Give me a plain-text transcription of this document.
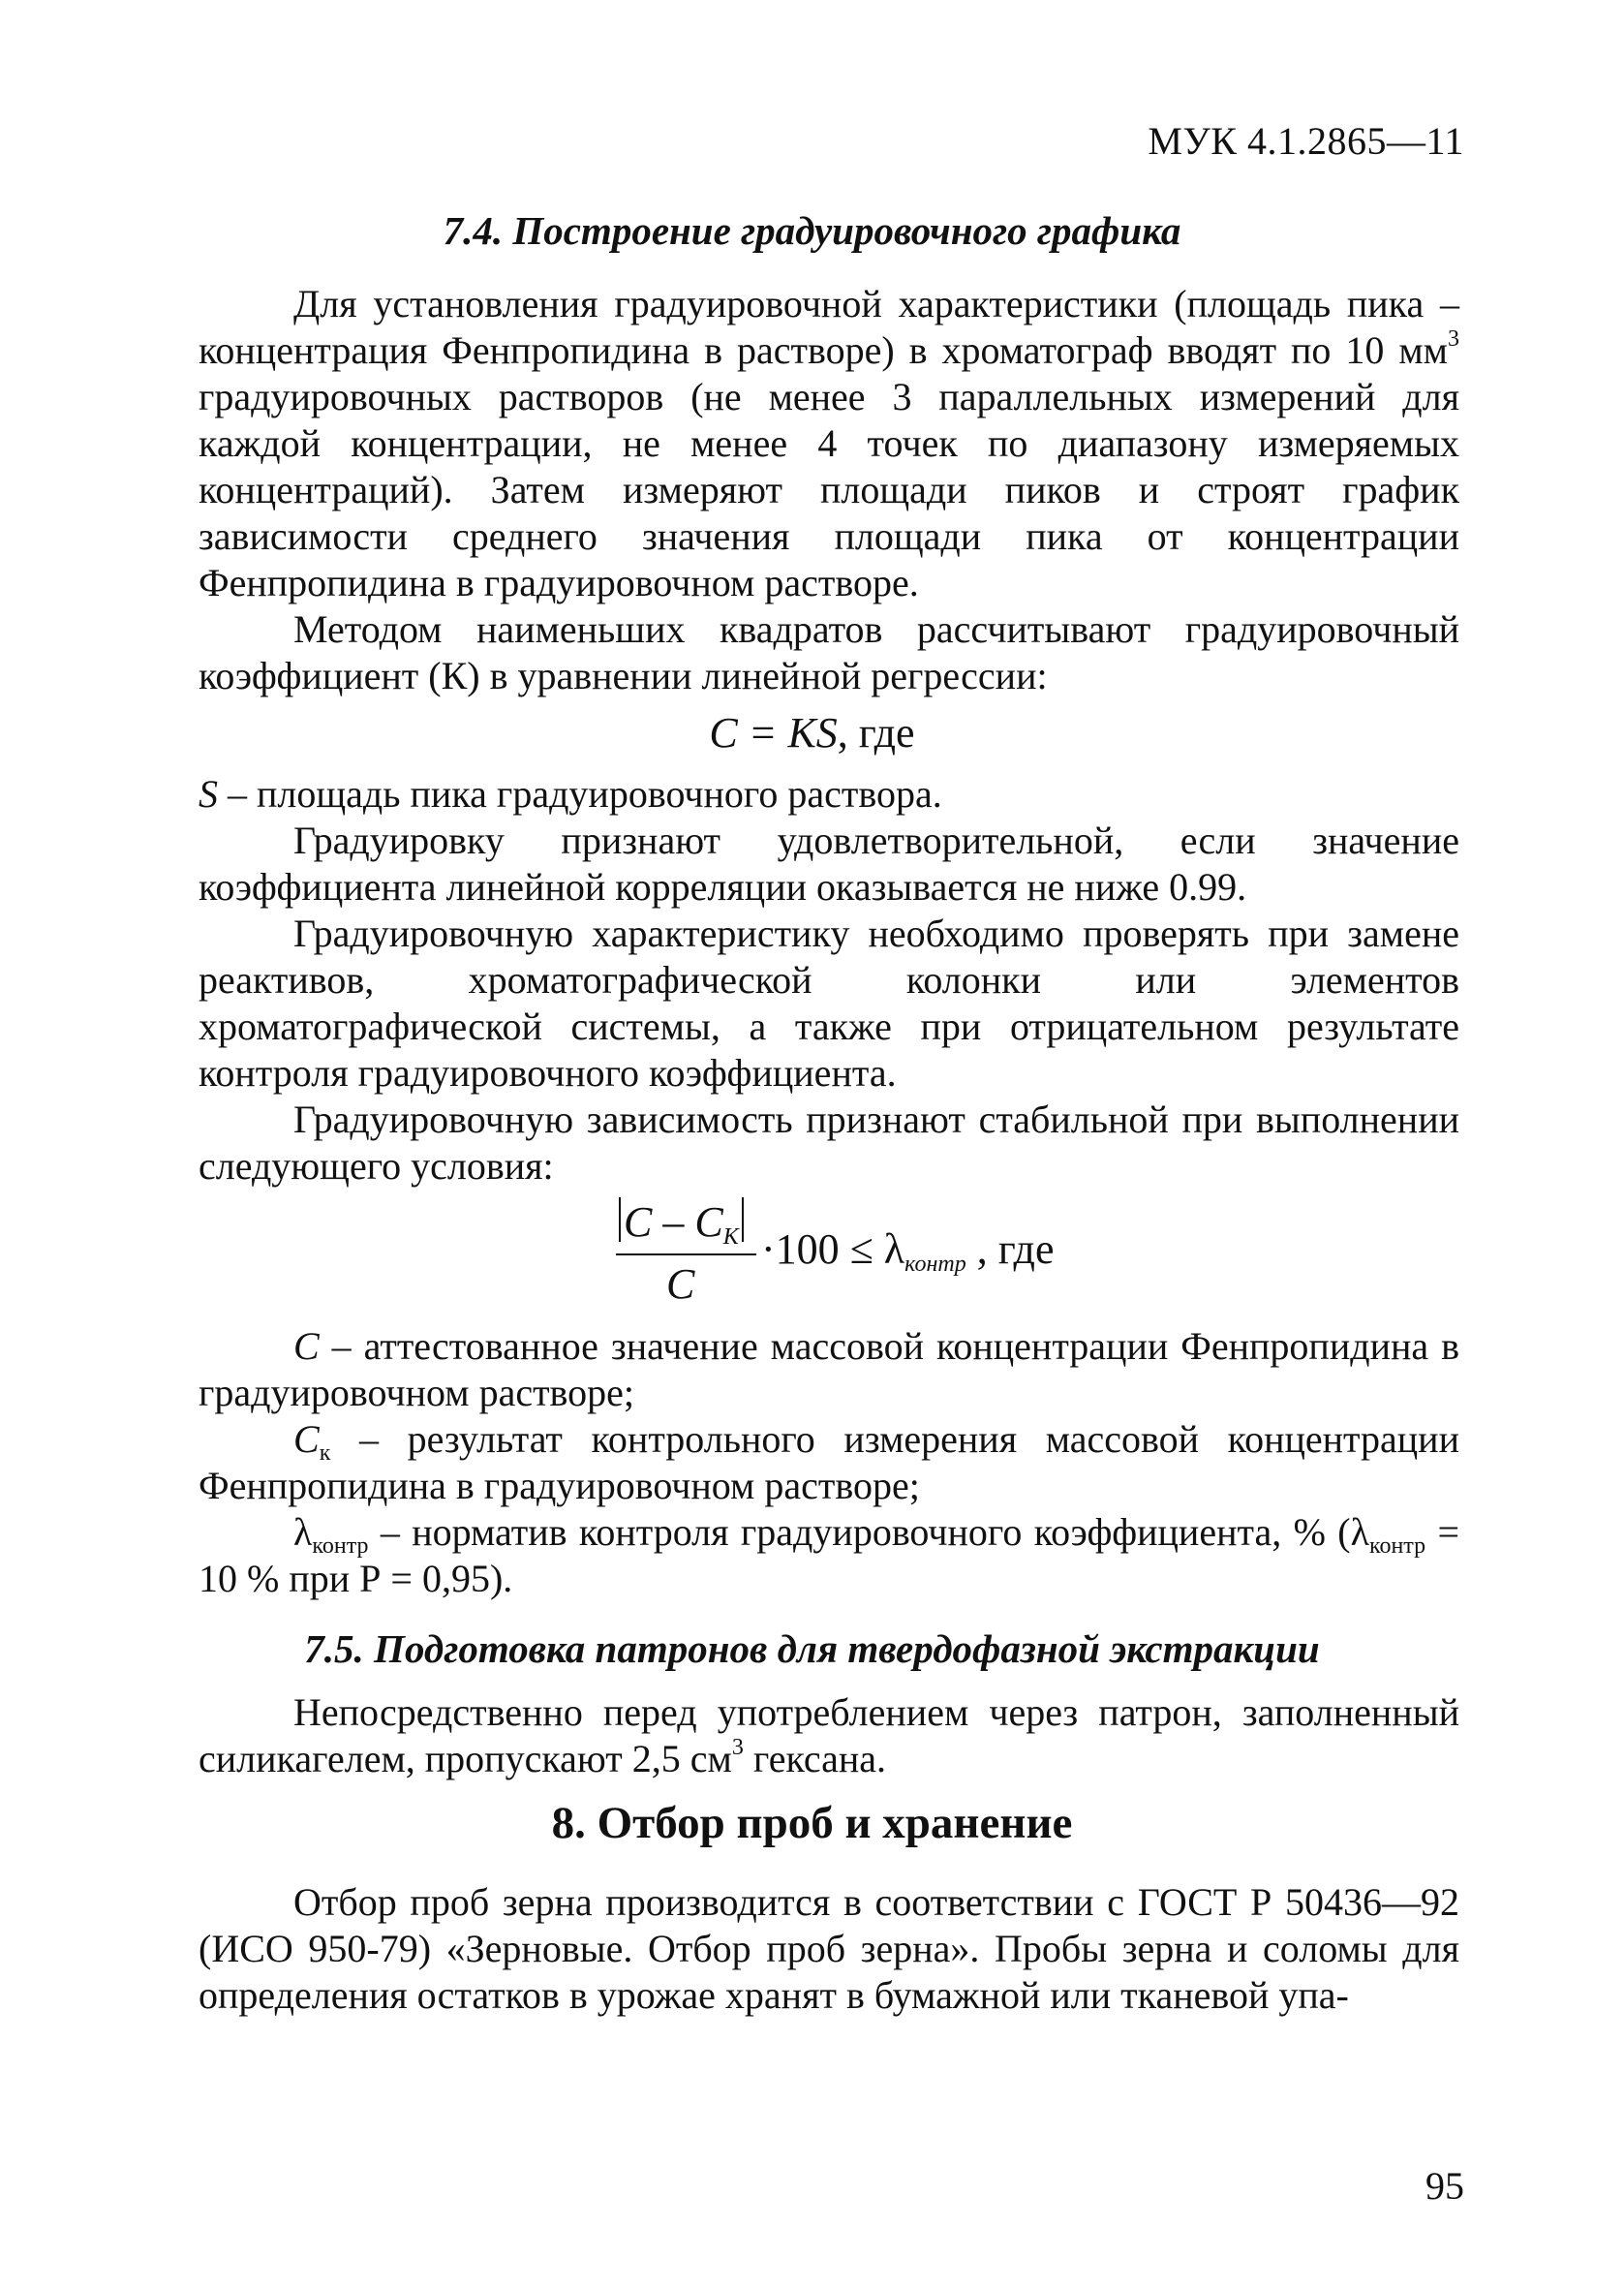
МУК 4.1.2865—11
7.4. Построение градуировочного графика

Для установления градуировочной характеристики (площадь пика – концентрация Фенпропидина в растворе) в хроматограф вводят по 10 $мм^3$ градуировочных растворов (не менее 3 параллельных измерений для каждой концентрации, не менее 4 точек по диапазону измеряемых концентраций). Затем измеряют площади пиков и строят график зависимости среднего значения площади пика от концентрации Фенпропидина в градуировочном растворе.

Методом наименьших квадратов рассчитывают градуировочный коэффициент (К) в уравнении линейной регрессии:

C = KS, где

S – площадь пика градуировочного раствора.

Градуировку признают удовлетворительной, если значение коэффициента линейной корреляции оказывается не ниже 0.99.

Градуировочную характеристику необходимо проверять при замене реактивов, хроматографической колонки или элементов хроматографической системы, а также при отрицательном результате контроля градуировочного коэффициента.

Градуировочную зависимость признают стабильной при выполнении следующего условия:

C – $C_K$
C
$\cdot 100 \le \lambda_{контр}$ , где

C – аттестованное значение массовой концентрации Фенпропидина в градуировочном растворе;

$C_к$ – результат контрольного измерения массовой концентрации Фенпропидина в градуировочном растворе;

$\lambda_{контр}$ – норматив контроля градуировочного коэффициента, % ($\lambda_{контр} = 10$ % при Р = 0,95).

7.5. Подготовка патронов для твердофазной экстракции

Непосредственно перед употреблением через патрон, заполненный силикагелем, пропускают 2,5 $см^3$ гексана.

8. Отбор проб и хранение

Отбор проб зерна производится в соответствии с ГОСТ Р 50436—92 (ИСО 950-79) «Зерновые. Отбор проб зерна». Пробы зерна и соломы для определения остатков в урожае хранят в бумажной или тканевой упа-

95
